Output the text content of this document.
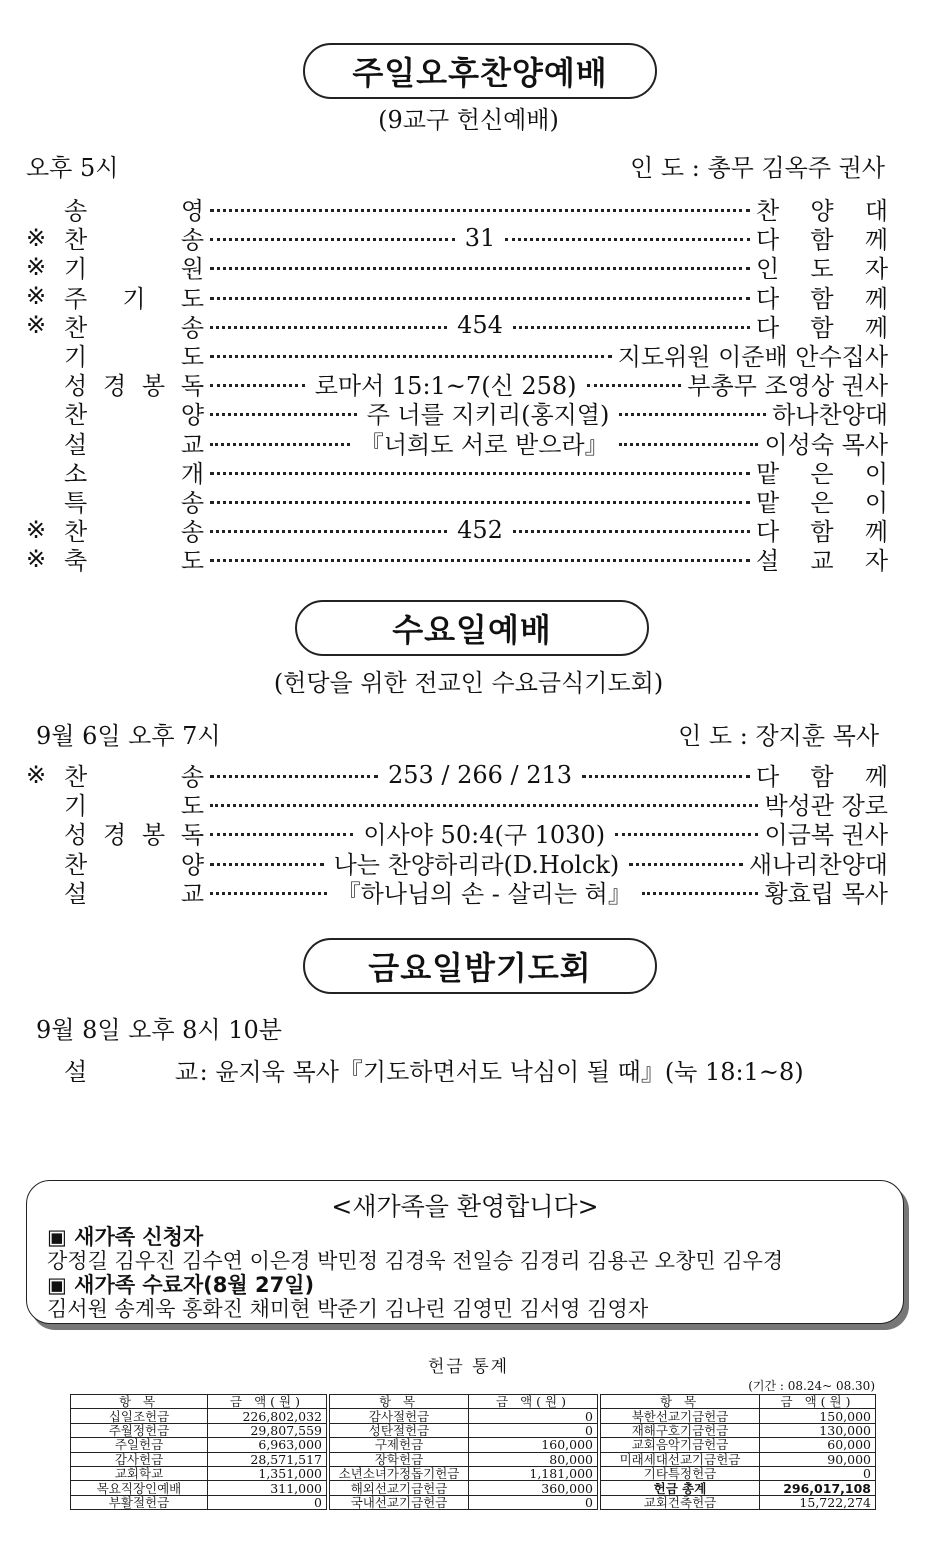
주일오후찬양예배
(9교구 헌신예배)
오후 5시	인 도 : 총무 김옥주 권사
송	영	찬 양 대
※ 찬	송	31	다 함 께
※ 기	원	인 도 자
※ 주 기 도	다 함 께
※ 찬	송	454	다 함 께
기	도	지도위원 이준배 안수집사
성 경 봉 독	로마서 15:1~7(신 258)	부총무 조영상 권사
찬	양	주 너를 지키리(홍지열)	하나찬양대
설	교	『너희도 서로 받으라』	이성숙 목사
소	개	맡 은 이
특	송	맡 은 이
※ 찬	송	452	다 함 께
※ 축	도	설 교 자
수요일예배
(헌당을 위한 전교인 수요금식기도회)
9월 6일 오후 7시	인 도 : 장지훈 목사
※ 찬	송	253 / 266 / 213	다 함 께
기	도	박성관 장로
성 경 봉 독	이사야 50:4(구 1030)	이금복 권사
찬	양	나는 찬양하리라(D.Holck)	새나리찬양대
설	교	『하나님의 손 - 살리는 혀』	황효립 목사
금요일밤기도회
9월 8일 오후 8시 10분
설 교 : 윤지욱 목사『기도하면서도 낙심이 될 때』(눅 18:1~8)
<새가족을 환영합니다>
▣ 새가족 신청자
강정길 김우진 김수연 이은경 박민정 김경욱 전일승 김경리 김용곤 오창민 김우경
▣ 새가족 수료자(8월 27일)
김서원 송계욱 홍화진 채미현 박준기 김나린 김영민 김서영 김영자
헌금 통계
(기간 : 08.24~ 08.30)
항 목	금 액(원)		항 목	금 액(원)		항 목	금 액(원)
십일조헌금	226,802,032		감사절헌금	0		북한선교기금헌금	150,000
주월정헌금	29,807,559		성탄절헌금	0		재해구호기금헌금	130,000
주일헌금	6,963,000		구제헌금	160,000		교회음악기금헌금	60,000
감사헌금	28,571,517		장학헌금	80,000		미래세대선교기금헌금	90,000
교회학교	1,351,000		소년소녀가정돕기헌금	1,181,000		기타특정헌금	0
목요직장인예배	311,000		해외선교기금헌금	360,000		헌금 총계	296,017,108
부활절헌금	0		국내선교기금헌금	0		교회건축헌금	15,722,274
